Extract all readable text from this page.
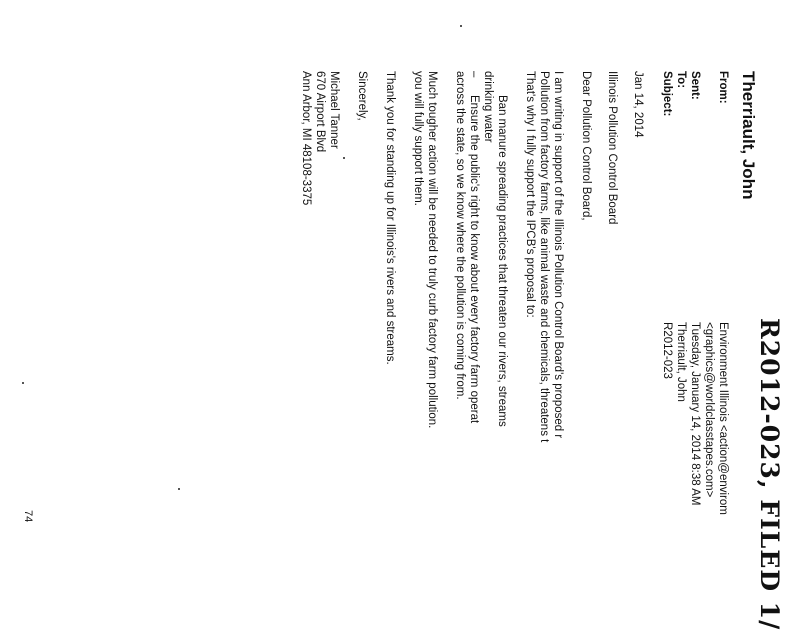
R2012-023, FILED 1/
Therriault, John
From:
Environment Illinois <action@envirom
<graphics@worldclasstapes.com>
Sent:
Tuesday, January 14, 2014 8:38 AM
To:
Therriault, John
Subject:
R2012-023
Jan 14, 2014
Illinois Pollution Control Board
Dear Pollution Control Board,
I am writing in support of the Illinois Pollution Control Board's proposed r
Pollution from factory farms, like animal waste and chemicals, threatens t
That's why I fully support the IPCB's proposal to:
Ban manure spreading practices that threaten our rivers, streams
drinking water
–
Ensure the public's right to know about every factory farm operat
across the state, so we know where the pollution is coming from.
Much tougher action will be needed to truly curb factory farm pollution.
you will fully support them.
Thank you for standing up for Illinois's rivers and streams.
Sincerely,
Michael Tanner
670 Airport Blvd
Ann Arbor, MI 48108-3375
74
